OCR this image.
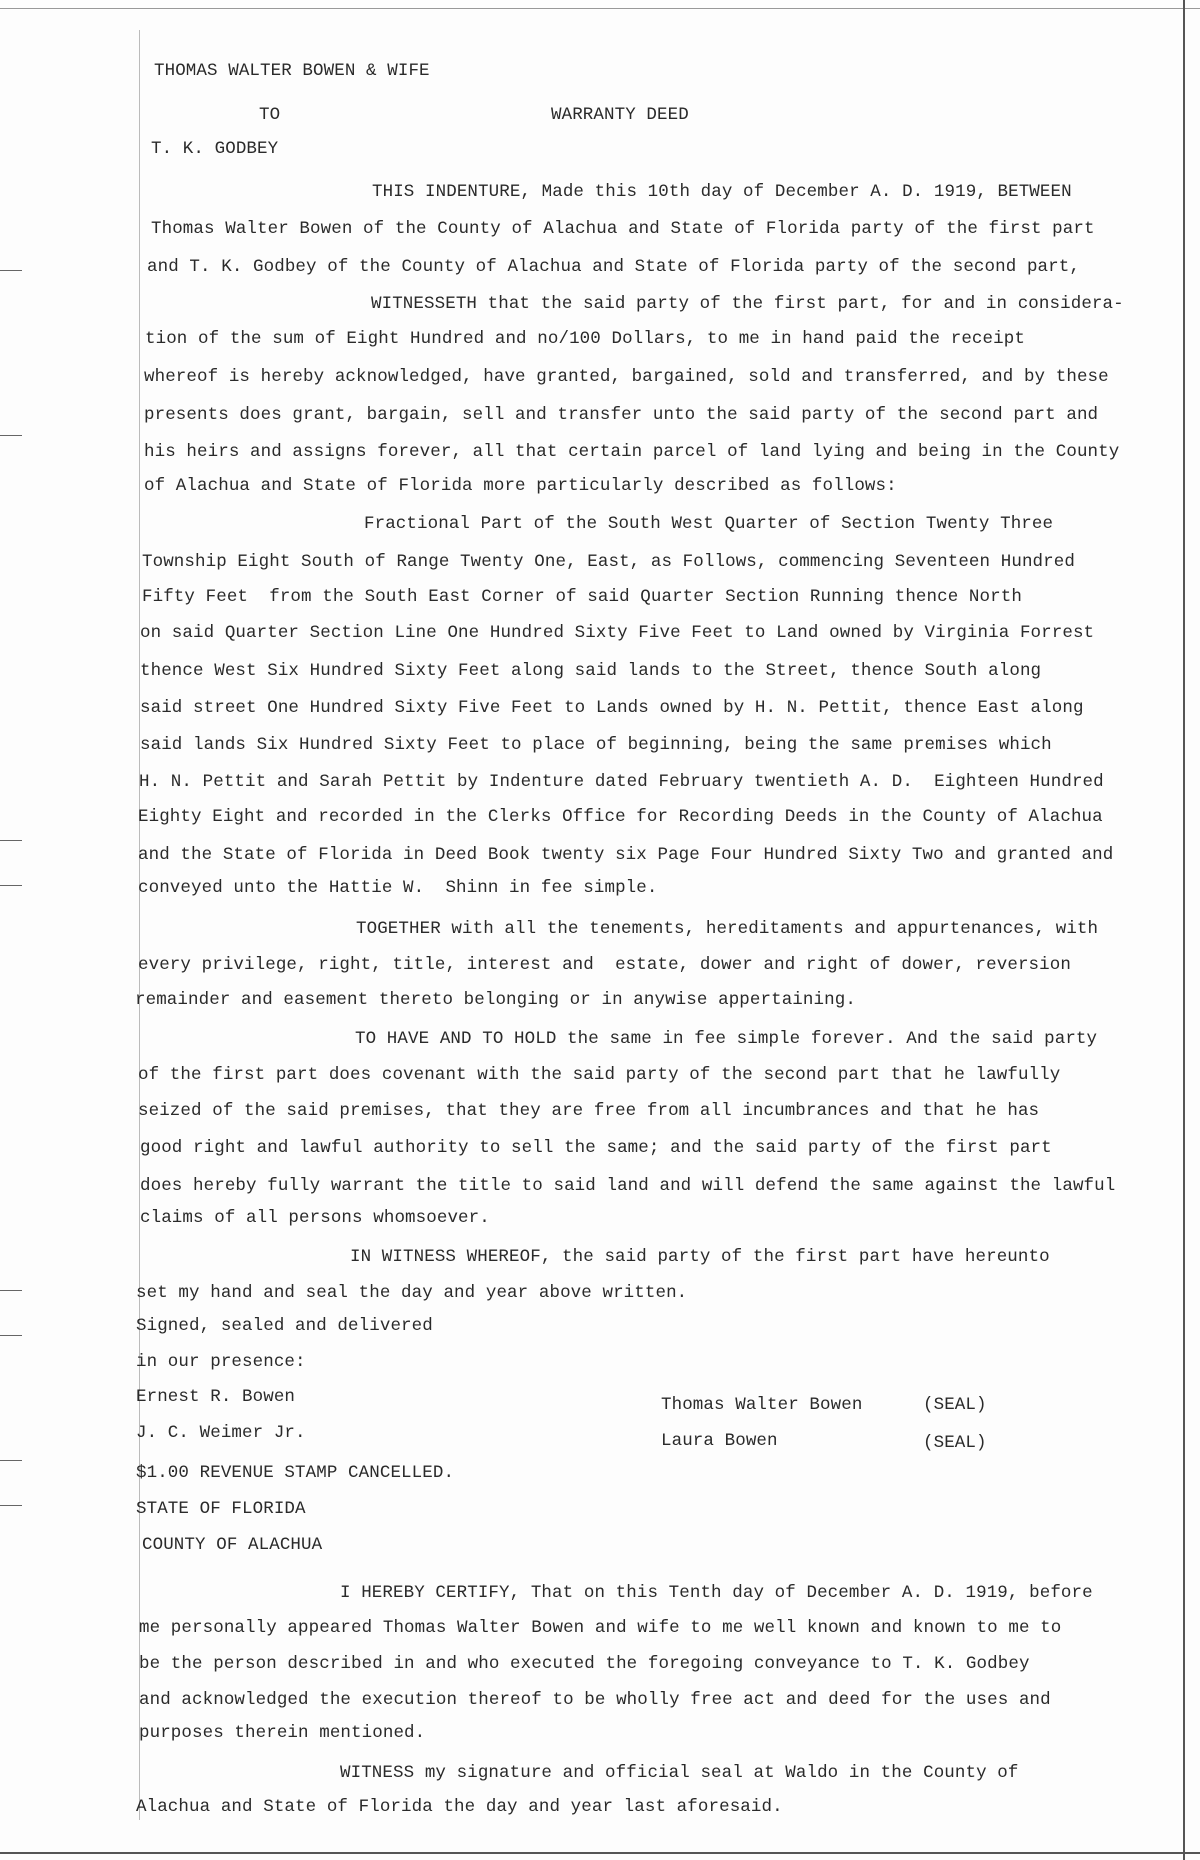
THOMAS WALTER BOWEN & WIFE
TO	WARRANTY DEED
T. K. GODBEY
THIS INDENTURE, Made this 10th day of December A. D. 1919, BETWEEN
Thomas Walter Bowen of the County of Alachua and State of Florida party of the first part
and T. K. Godbey of the County of Alachua and State of Florida party of the second part,
WITNESSETH that the said party of the first part, for and in considera-
tion of the sum of Eight Hundred and no/100 Dollars, to me in hand paid the receipt
whereof is hereby acknowledged, have granted, bargained, sold and transferred, and by these
presents does grant, bargain, sell and transfer unto the said party of the second part and
his heirs and assigns forever, all that certain parcel of land lying and being in the County
of Alachua and State of Florida more particularly described as follows:
Fractional Part of the South West Quarter of Section Twenty Three
Township Eight South of Range Twenty One, East, as Follows, commencing Seventeen Hundred
Fifty Feet  from the South East Corner of said Quarter Section Running thence North
on said Quarter Section Line One Hundred Sixty Five Feet to Land owned by Virginia Forrest
thence West Six Hundred Sixty Feet along said lands to the Street, thence South along
said street One Hundred Sixty Five Feet to Lands owned by H. N. Pettit, thence East along
said lands Six Hundred Sixty Feet to place of beginning, being the same premises which
H. N. Pettit and Sarah Pettit by Indenture dated February twentieth A. D.  Eighteen Hundred
Eighty Eight and recorded in the Clerks Office for Recording Deeds in the County of Alachua
and the State of Florida in Deed Book twenty six Page Four Hundred Sixty Two and granted and
conveyed unto the Hattie W.  Shinn in fee simple.
TOGETHER with all the tenements, hereditaments and appurtenances, with
every privilege, right, title, interest and  estate, dower and right of dower, reversion
remainder and easement thereto belonging or in anywise appertaining.
TO HAVE AND TO HOLD the same in fee simple forever. And the said party
of the first part does covenant with the said party of the second part that he lawfully
seized of the said premises, that they are free from all incumbrances and that he has
good right and lawful authority to sell the same; and the said party of the first part
does hereby fully warrant the title to said land and will defend the same against the lawful
claims of all persons whomsoever.
IN WITNESS WHEREOF, the said party of the first part have hereunto
set my hand and seal the day and year above written.
Signed, sealed and delivered
in our presence:
Ernest R. Bowen
J. C. Weimer Jr.
$1.00 REVENUE STAMP CANCELLED.
STATE OF FLORIDA
COUNTY OF ALACHUA
I HEREBY CERTIFY, That on this Tenth day of December A. D. 1919, before
me personally appeared Thomas Walter Bowen and wife to me well known and known to me to
be the person described in and who executed the foregoing conveyance to T. K. Godbey
and acknowledged the execution thereof to be wholly free act and deed for the uses and
purposes therein mentioned.
WITNESS my signature and official seal at Waldo in the County of
Alachua and State of Florida the day and year last aforesaid.
Thomas Walter Bowen	(SEAL)
Laura Bowen	(SEAL)
